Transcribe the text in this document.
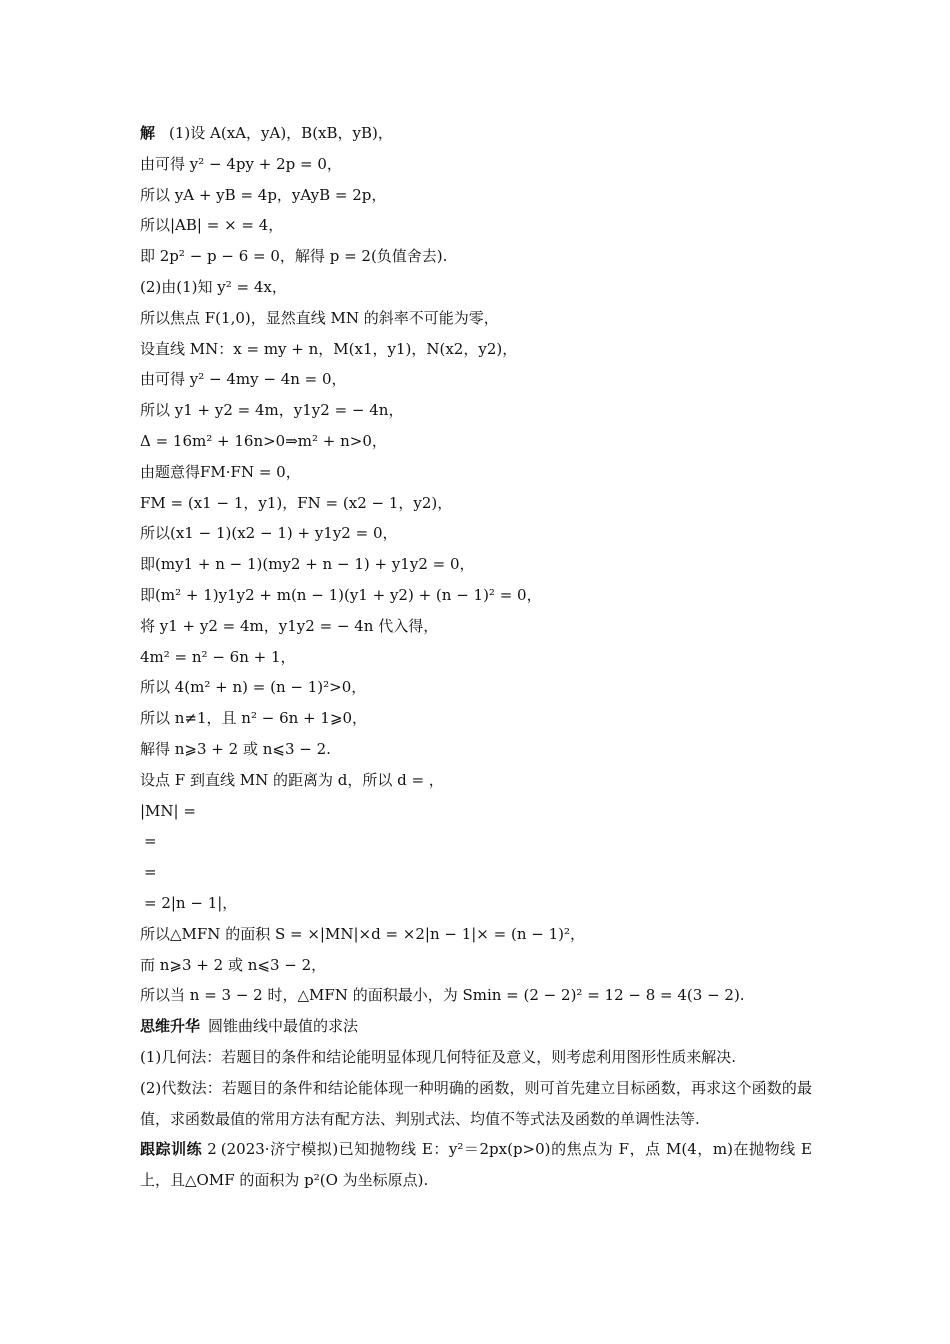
解 (1)设 A(xA，yA)，B(xB，yB)，
由可得 y² − 4py + 2p = 0，
所以 yA + yB = 4p，yAyB = 2p，
所以|AB| = × = 4，
即 2p² − p − 6 = 0，解得 p = 2(负值舍去).
(2)由(1)知 y² = 4x，
所以焦点 F(1,0)，显然直线 MN 的斜率不可能为零，
设直线 MN：x = my + n，M(x1，y1)，N(x2，y2)，
由可得 y² − 4my − 4n = 0，
所以 y1 + y2 = 4m，y1y2 = − 4n，
Δ = 16m² + 16n>0⇒m² + n>0，
由题意得FM·FN = 0，
FM = (x1 − 1，y1)，FN = (x2 − 1，y2)，
所以(x1 − 1)(x2 − 1) + y1y2 = 0，
即(my1 + n − 1)(my2 + n − 1) + y1y2 = 0，
即(m² + 1)y1y2 + m(n − 1)(y1 + y2) + (n − 1)² = 0，
将 y1 + y2 = 4m，y1y2 = − 4n 代入得，
4m² = n² − 6n + 1，
所以 4(m² + n) = (n − 1)²>0，
所以 n≠1，且 n² − 6n + 1⩾0，
解得 n⩾3 + 2 或 n⩽3 − 2.
设点 F 到直线 MN 的距离为 d，所以 d = ，
|MN| =
=
=
= 2|n − 1|，
所以△MFN 的面积 S = ×|MN|×d = ×2|n − 1|× = (n − 1)²，
而 n⩾3 + 2 或 n⩽3 − 2，
所以当 n = 3 − 2 时，△MFN 的面积最小，为 Smin = (2 − 2)² = 12 − 8 = 4(3 − 2).
思维升华 圆锥曲线中最值的求法
(1)几何法：若题目的条件和结论能明显体现几何特征及意义，则考虑利用图形性质来解决.
(2)代数法：若题目的条件和结论能体现一种明确的函数，则可首先建立目标函数，再求这个函数的最值，求函数最值的常用方法有配方法、判别式法、均值不等式法及函数的单调性法等.
跟踪训练 2 (2023·济宁模拟)已知抛物线 E：y²＝2px(p>0)的焦点为 F，点 M(4，m)在抛物线 E 上，且△OMF 的面积为 p²(O 为坐标原点).
